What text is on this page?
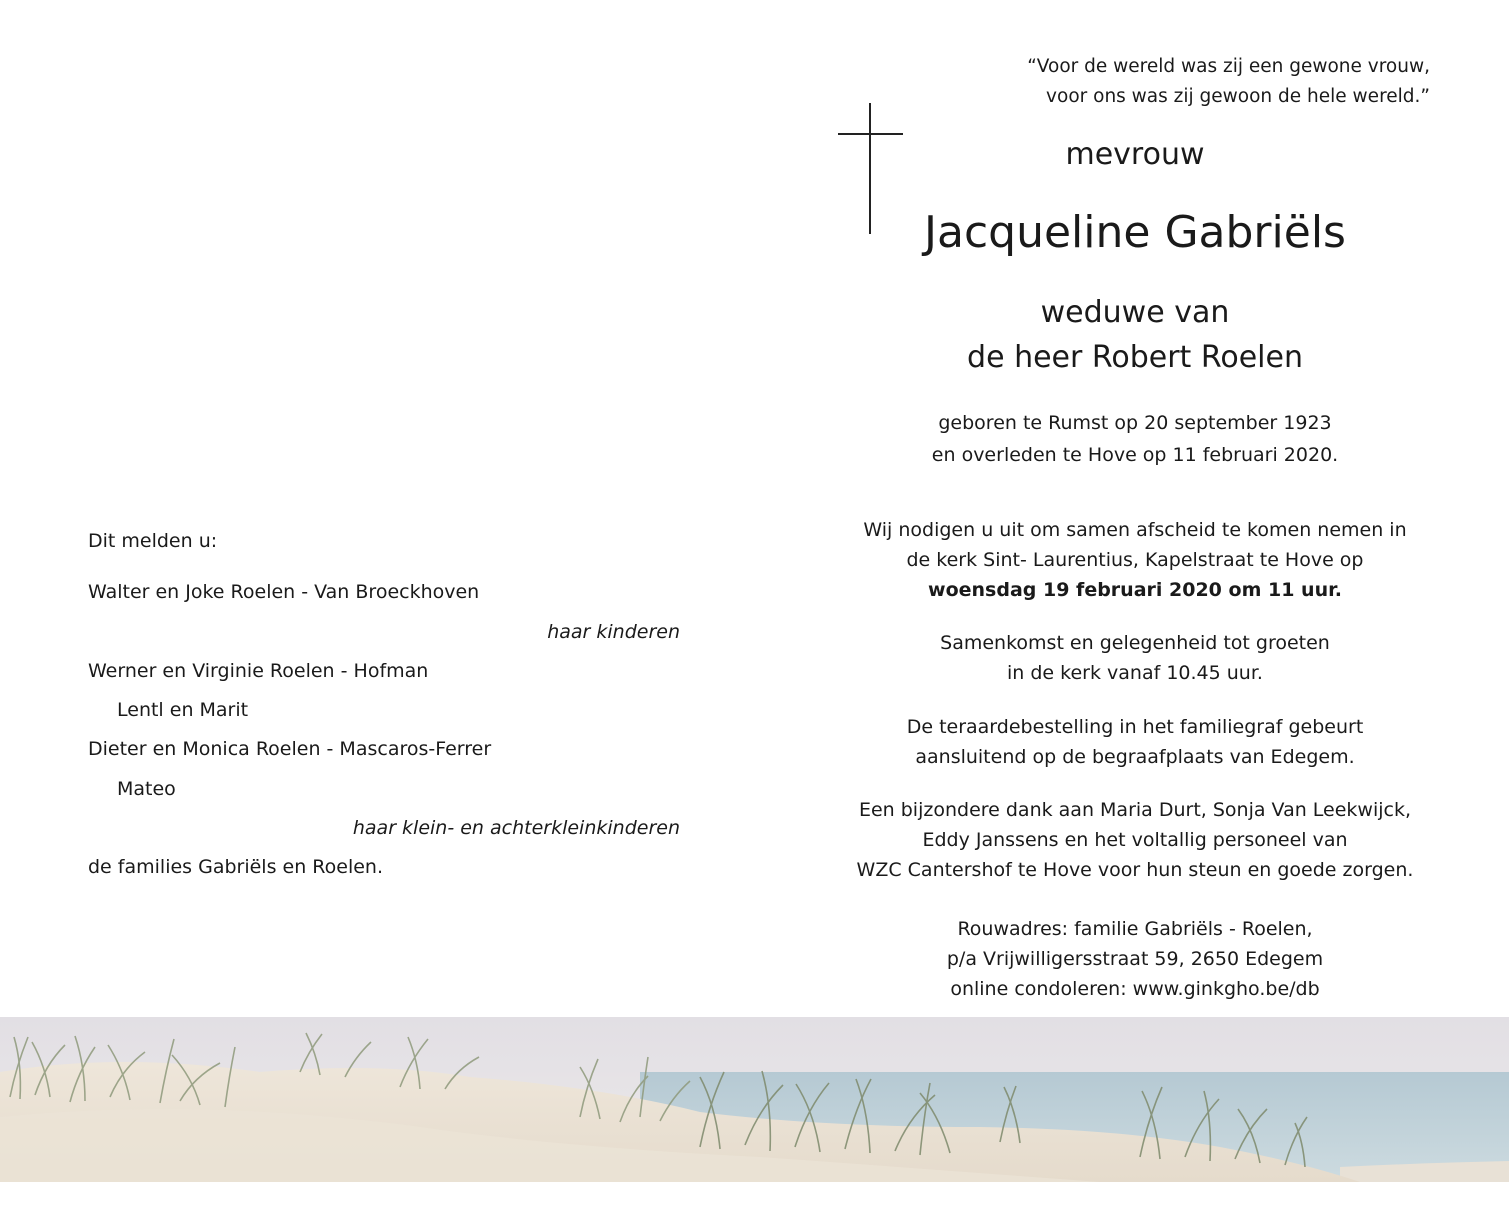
“Voor de wereld was zij een gewone vrouw,
voor ons was zij gewoon de hele wereld.”
mevrouw
Jacqueline Gabriëls
weduwe van
de heer Robert Roelen
geboren te Rumst op 20 september 1923
en overleden te Hove op 11 februari 2020.
Wij nodigen u uit om samen afscheid te komen nemen in
de kerk Sint- Laurentius, Kapelstraat te Hove op
woensdag 19 februari 2020 om 11 uur.
Samenkomst en gelegenheid tot groeten
in de kerk vanaf 10.45 uur.
De teraardebestelling in het familiegraf gebeurt
aansluitend op de begraafplaats van Edegem.
Een bijzondere dank aan Maria Durt, Sonja Van Leekwijck,
Eddy Janssens en het voltallig personeel van
WZC Cantershof te Hove voor hun steun en goede zorgen.
Rouwadres: familie Gabriëls - Roelen,
p/a Vrijwilligersstraat 59, 2650 Edegem
online condoleren: www.ginkgho.be/db
Dit melden u:
Walter en Joke Roelen - Van Broeckhoven
haar kinderen
Werner en Virginie Roelen - Hofman
Lentl en Marit
Dieter en Monica Roelen - Mascaros-Ferrer
Mateo
haar klein- en achterkleinkinderen
de families Gabriëls en Roelen.
